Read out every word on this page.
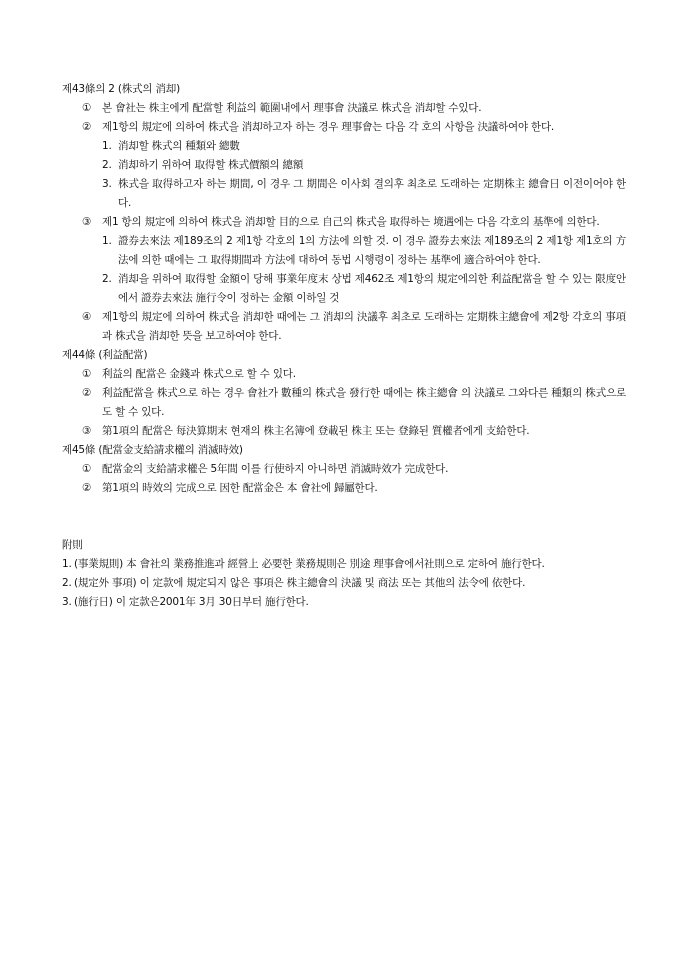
제43條의 2 (株式의 消却)
① 본 會社는 株主에게 配當할 利益의 範圍내에서 理事會 決議로 株式을 消却할 수있다.
② 제1항의 規定에 의하여 株式을 消却하고자 하는 경우 理事會는 다음 각 호의 사항을 決議하여야 한다.
1. 消却할 株式의 種類와 總數
2. 消却하기 위하여 取得할 株式價額의 總額
3. 株式을 取得하고자 하는 期間, 이 경우 그 期間은 이사회 결의후 최초로 도래하는 定期株主 總會日 이전이어야 한다.
③ 제1 항의 規定에 의하여 株式을 消却할 目的으로 自己의 株式을 取得하는 境遇에는 다음 각호의 基準에 의한다.
1. 證券去來法 제189조의 2 제1항 각호의 1의 方法에 의할 것. 이 경우 證券去來法 제189조의 2 제1항 제1호의 方法에 의한 때에는 그 取得期間과 方法에 대하여 동법 시행령이 정하는 基準에 適合하여야 한다.
2. 消却을 위하여 取得할 金額이 당해 事業年度末 상법 제462조 제1항의 規定에의한 利益配當을 할 수 있는 限度안에서 證券去來法 施行令이 정하는 金額 이하일 것
④ 제1항의 規定에 의하여 株式을 消却한 때에는 그 消却의 決議후 최초로 도래하는 定期株主總會에 제2항 각호의 事項과 株式을 消却한 뜻을 보고하여야 한다.
제44條 (利益配當)
① 利益의 配當은 金錢과 株式으로 할 수 있다.
② 利益配當을 株式으로 하는 경우 會社가 數種의 株式을 發行한 때에는 株主總會 의 決議로 그와다른 種類의 株式으로도 할 수 있다.
③ 第1項의 配當은 每決算期末 현재의 株主名簿에 登載된 株主 또는 登錄된 質權者에게 支給한다.
제45條 (配當金支給請求權의 消滅時效)
① 配當金의 支給請求權은 5年間 이를 行使하지 아니하면 消滅時效가 完成한다.
② 第1項의 時效의 完成으로 因한 配當金은 本 會社에 歸屬한다.
附則
1. (事業規則) 本 會社의 業務推進과 經營上 必要한 業務規則은 別途 理事會에서社則으로 定하여 施行한다.
2. (規定外 事項) 이 定款에 規定되지 않은 事項은 株主總會의 決議 및 商法 또는 其他의 法令에 依한다.
3. (施行日) 이 定款은2001年 3月 30日부터 施行한다.
